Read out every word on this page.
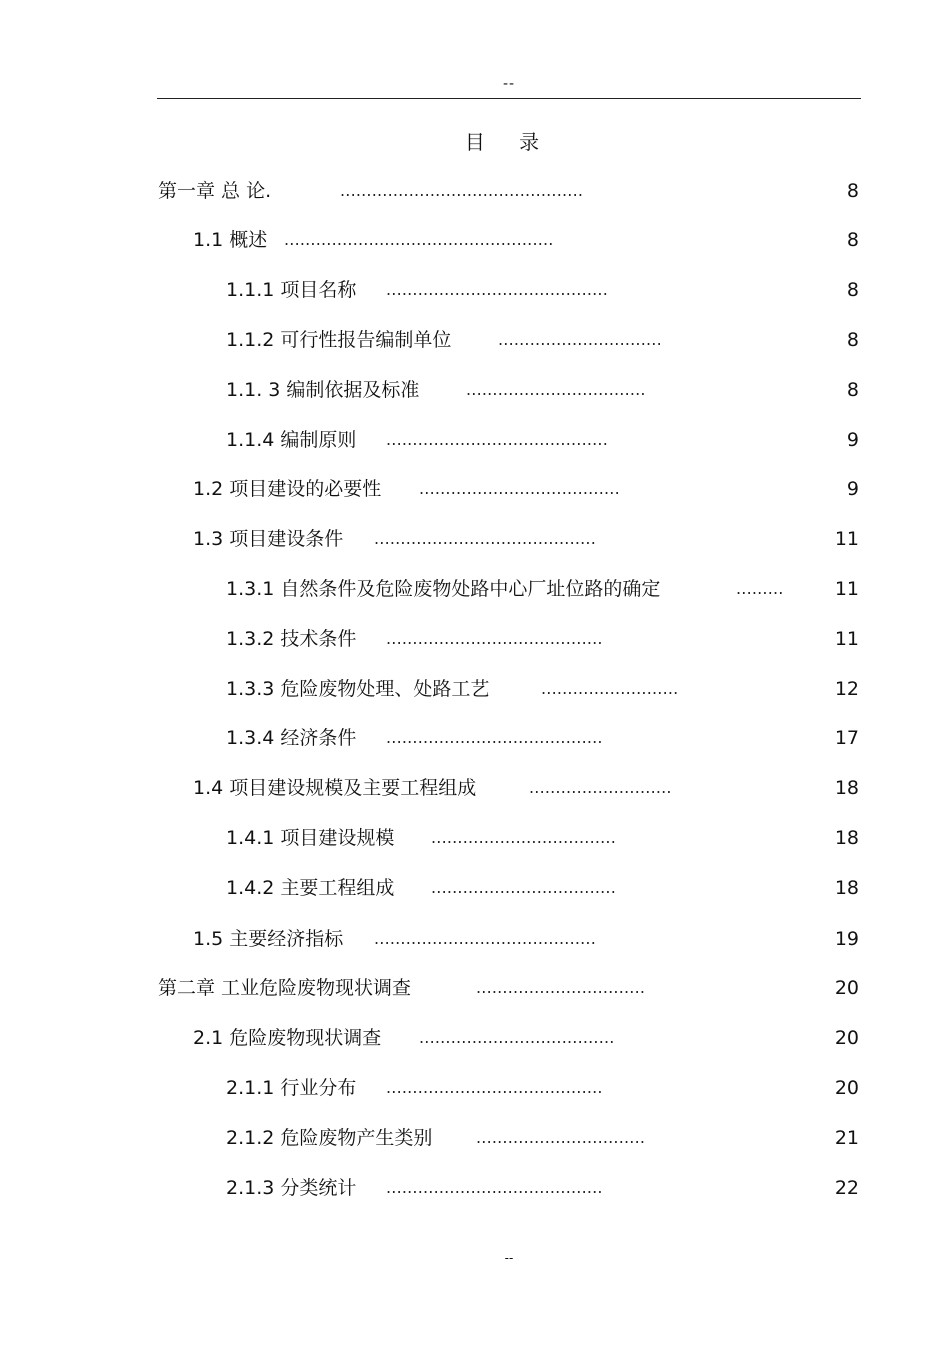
--
目 录
第一章 总 论.	..............................................	8
1.1 概述 ...................................................	8
1.1.1 项目名称 ..........................................	8
1.1.2 可行性报告编制单位	...............................	8
1.1. 3 编制依据及标准	..................................	8
1.1.4 编制原则 ..........................................	9
1.2 项目建设的必要性 ......................................	9
1.3 项目建设条件 ..........................................	11
1.3.1 自然条件及危险废物处路中心厂址位路的确定	.........	11
1.3.2 技术条件 .........................................	11
1.3.3 危险废物处理、处路工艺	..........................	12
1.3.4 经济条件 .........................................	17
1.4 项目建设规模及主要工程组成	...........................	18
1.4.1 项目建设规模 ...................................	18
1.4.2 主要工程组成 ...................................	18
1.5 主要经济指标 ..........................................	19
第二章 工业危险废物现状调查	................................	20
2.1 危险废物现状调查 .....................................	20
2.1.1 行业分布 .........................................	20
2.1.2 危险废物产生类别	................................	21
2.1.3 分类统计 .........................................	22
--
